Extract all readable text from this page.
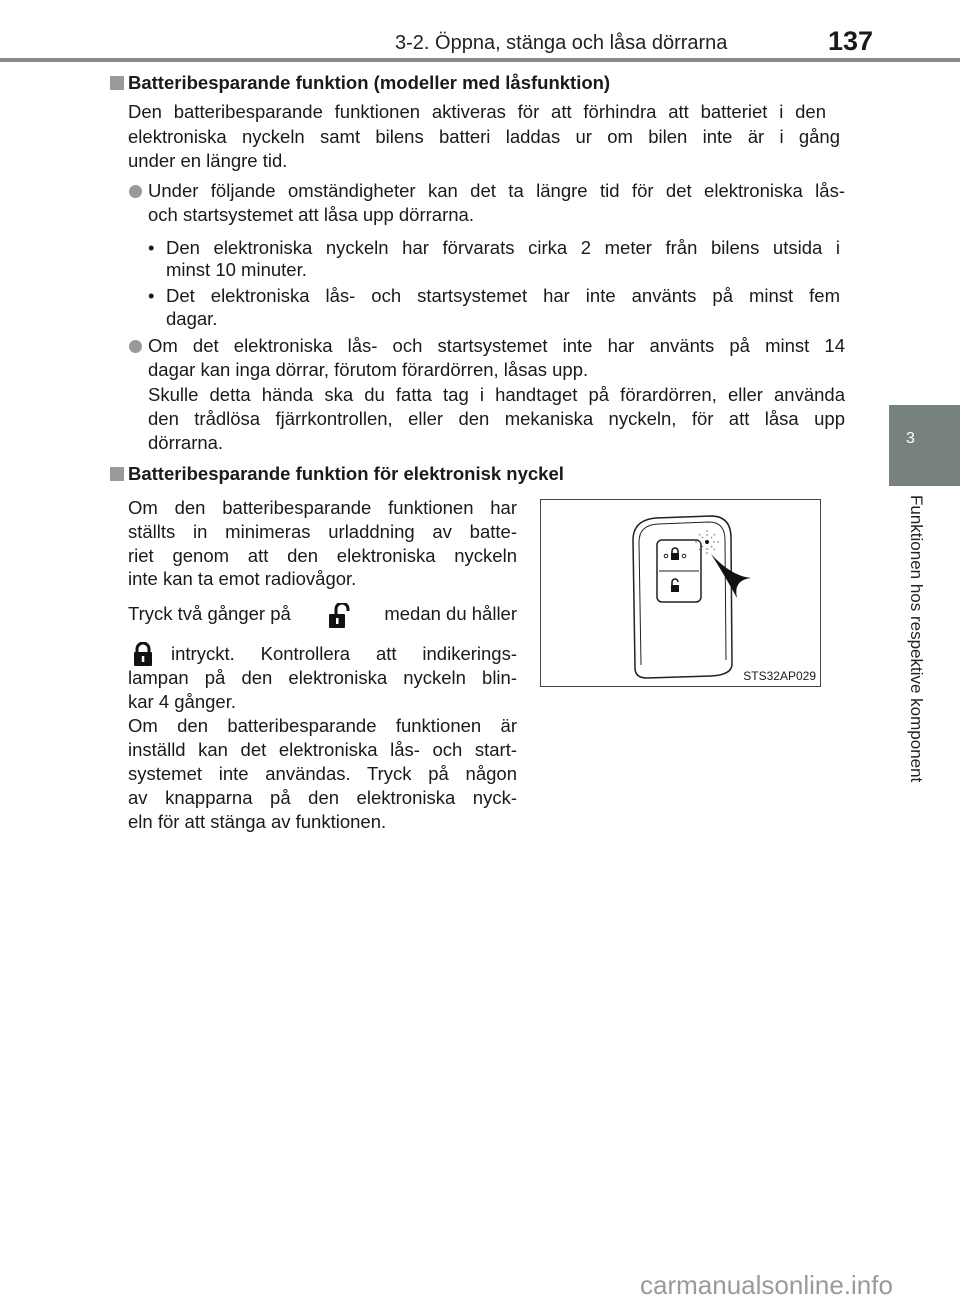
3-2. Öppna, stänga och låsa dörrarna	137
3
Funktionen hos respektive komponent
Batteribesparande funktion (modeller med låsfunktion)
Den batteribesparande funktionen aktiveras för att förhindra att batteriet i den
elektroniska nyckeln samt bilens batteri laddas ur om bilen inte är i gång
under en längre tid.
Under följande omständigheter kan det ta längre tid för det elektroniska lås-
och startsystemet att låsa upp dörrarna.
• Den elektroniska nyckeln har förvarats cirka 2 meter från bilens utsida i
minst 10 minuter.
• Det elektroniska lås- och startsystemet har inte använts på minst fem
dagar.
Om det elektroniska lås- och startsystemet inte har använts på minst 14
dagar kan inga dörrar, förutom förardörren, låsas upp.
Skulle detta hända ska du fatta tag i handtaget på förardörren, eller använda
den trådlösa fjärrkontrollen, eller den mekaniska nyckeln, för att låsa upp
dörrarna.
Batteribesparande funktion för elektronisk nyckel
Om den batteribesparande funktionen har
ställts in minimeras urladdning av batte-
riet genom att den elektroniska nyckeln
inte kan ta emot radiovågor.
Tryck två gånger på	medan du håller
intryckt. Kontrollera att indikerings-
lampan på den elektroniska nyckeln blin-
kar 4 gånger.
Om den batteribesparande funktionen är
inställd kan det elektroniska lås- och start-
systemet inte användas. Tryck på någon
av knapparna på den elektroniska nyck-
eln för att stänga av funktionen.
STS32AP029
carmanualsonline.info
